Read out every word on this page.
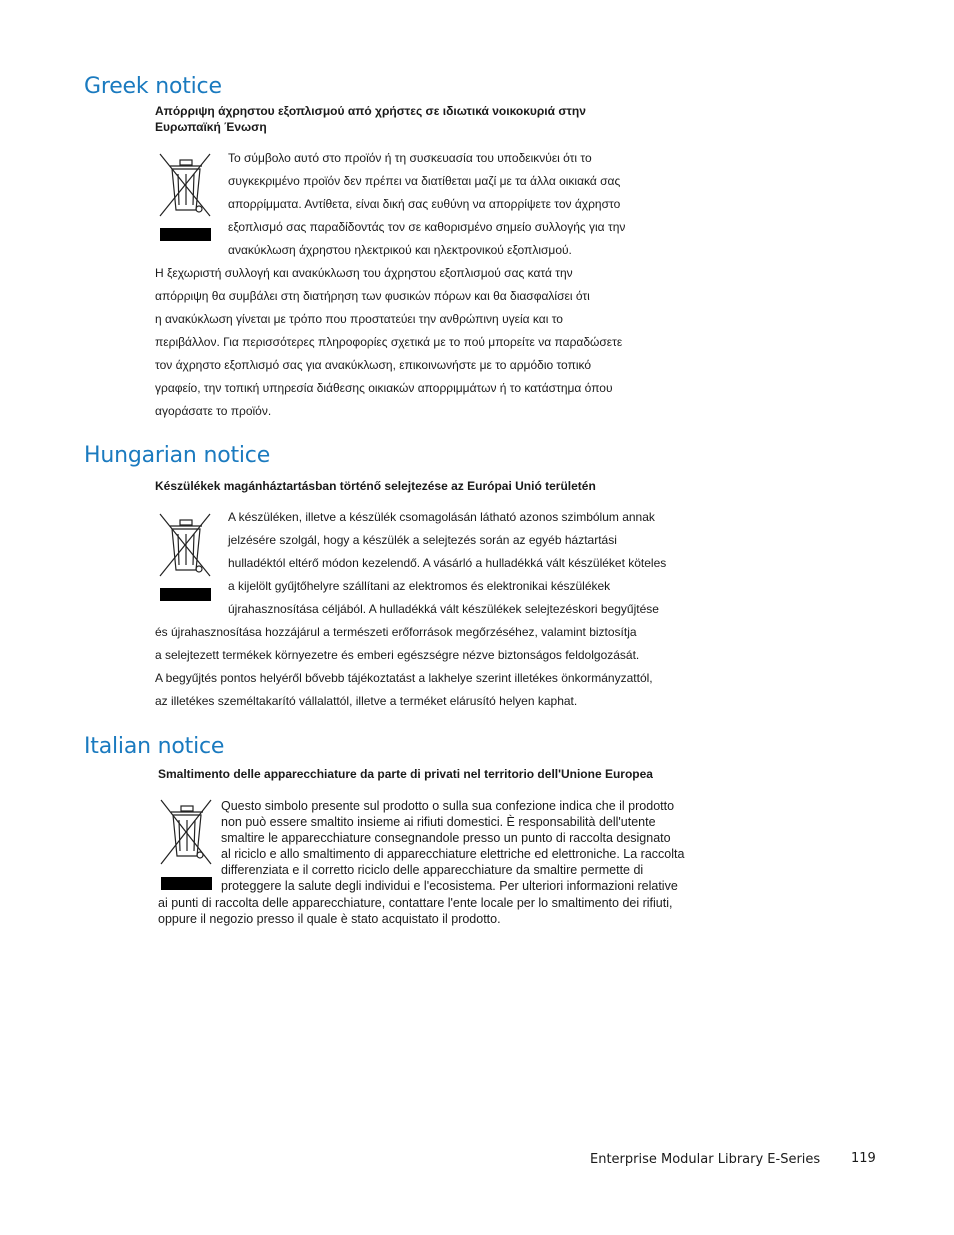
Greek notice

Απόρριψη άχρηστου εξοπλισμού από χρήστες σε ιδιωτικά νοικοκυριά στην

Ευρωπαϊκή Ένωση

Το σύμβολο αυτό στο προϊόν ή τη συσκευασία του υποδεικνύει ότι το

συγκεκριμένο προϊόν δεν πρέπει να διατίθεται μαζί με τα άλλα οικιακά σας

απορρίμματα. Αντίθετα, είναι δική σας ευθύνη να απορρίψετε τον άχρηστο

εξοπλισμό σας παραδίδοντάς τον σε καθορισμένο σημείο συλλογής για την

ανακύκλωση άχρηστου ηλεκτρικού και ηλεκτρονικού εξοπλισμού.

Η ξεχωριστή συλλογή και ανακύκλωση του άχρηστου εξοπλισμού σας κατά την

απόρριψη θα συμβάλει στη διατήρηση των φυσικών πόρων και θα διασφαλίσει ότι

η ανακύκλωση γίνεται με τρόπο που προστατεύει την ανθρώπινη υγεία και το

περιβάλλον. Για περισσότερες πληροφορίες σχετικά με το πού μπορείτε να παραδώσετε

τον άχρηστο εξοπλισμό σας για ανακύκλωση, επικοινωνήστε με το αρμόδιο τοπικό

γραφείο, την τοπική υπηρεσία διάθεσης οικιακών απορριμμάτων ή το κατάστημα όπου

αγοράσατε το προϊόν.

Hungarian notice

Készülékek magánháztartásban történő selejtezése az Európai Unió területén

A készüléken, illetve a készülék csomagolásán látható azonos szimbólum annak

jelzésére szolgál, hogy a készülék a selejtezés során az egyéb háztartási

hulladéktól eltérő módon kezelendő. A vásárló a hulladékká vált készüléket köteles

a kijelölt gyűjtőhelyre szállítani az elektromos és elektronikai készülékek

újrahasznosítása céljából. A hulladékká vált készülékek selejtezéskori begyűjtése

és újrahasznosítása hozzájárul a természeti erőforrások megőrzéséhez, valamint biztosítja

a selejtezett termékek környezetre és emberi egészségre nézve biztonságos feldolgozását.

A begyűjtés pontos helyéről bővebb tájékoztatást a lakhelye szerint illetékes önkormányzattól,

az illetékes személtakarító vállalattól, illetve a terméket elárusító helyen kaphat.

Italian notice

Smaltimento delle apparecchiature da parte di privati nel territorio dell'Unione Europea

Questo simbolo presente sul prodotto o sulla sua confezione indica che il prodotto

non può essere smaltito insieme ai rifiuti domestici. È responsabilità dell'utente

smaltire le apparecchiature consegnandole presso un punto di raccolta designato

al riciclo e allo smaltimento di apparecchiature elettriche ed elettroniche. La raccolta

differenziata e il corretto riciclo delle apparecchiature da smaltire permette di

proteggere la salute degli individui e l'ecosistema. Per ulteriori informazioni relative

ai punti di raccolta delle apparecchiature, contattare l'ente locale per lo smaltimento dei rifiuti,

oppure il negozio presso il quale è stato acquistato il prodotto.

Enterprise Modular Library E-Series 119
